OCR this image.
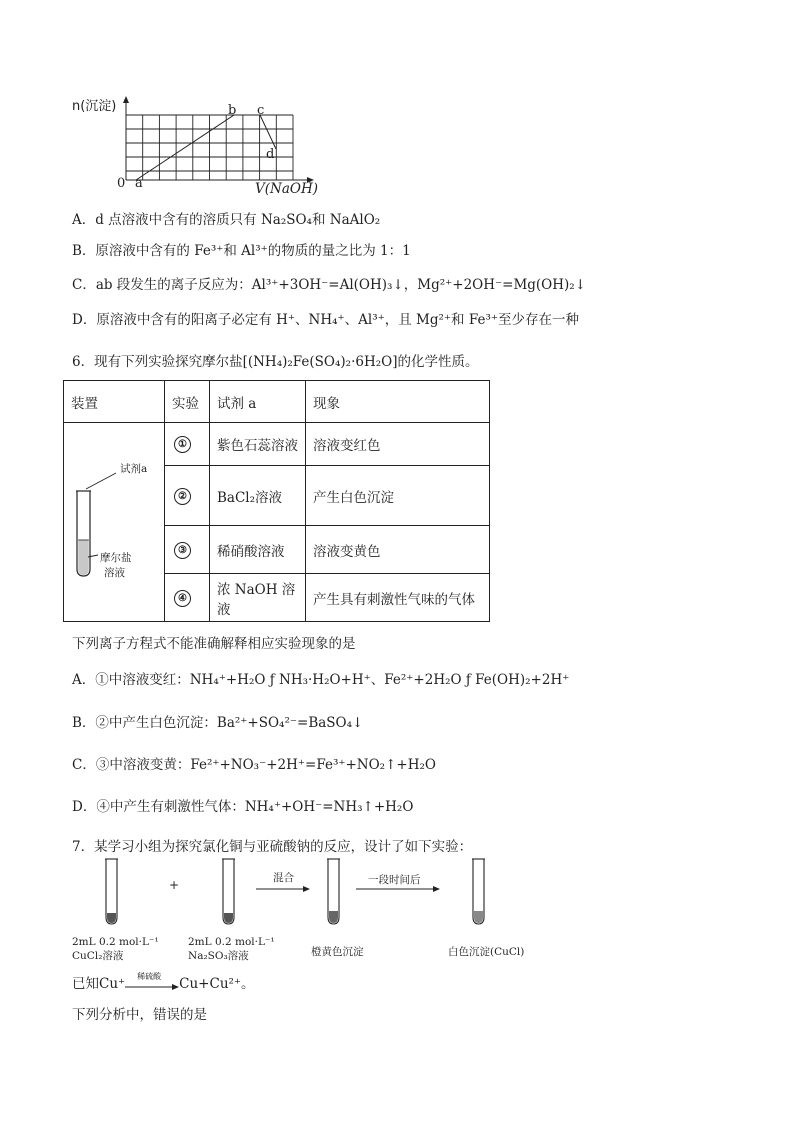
n(沉淀)
0 a
b c
d
V(NaOH)
A．d 点溶液中含有的溶质只有 Na₂SO₄和 NaAlO₂
B．原溶液中含有的 Fe³⁺和 Al³⁺的物质的量之比为 1：1
C．ab 段发生的离子反应为：Al³⁺+3OH⁻=Al(OH)₃↓，Mg²⁺+2OH⁻=Mg(OH)₂↓
D．原溶液中含有的阳离子必定有 H⁺、NH₄⁺、Al³⁺，且 Mg²⁺和 Fe³⁺至少存在一种
6．现有下列实验探究摩尔盐[(NH₄)₂Fe(SO₄)₂·6H₂O]的化学性质。
装置	实验	试剂 a	现象

试剂a
摩尔盐
溶液	①	紫色石蕊溶液	溶液变红色
	②	BaCl₂溶液	产生白色沉淀
	③	稀硝酸溶液	溶液变黄色
	④	浓 NaOH 溶液	产生具有刺激性气味的气体
下列离子方程式不能准确解释相应实验现象的是
A．①中溶液变红：NH₄⁺+H₂O ƒ NH₃·H₂O+H⁺、Fe²⁺+2H₂O ƒ Fe(OH)₂+2H⁺
B．②中产生白色沉淀：Ba²⁺+SO₄²⁻=BaSO₄↓
C．③中溶液变黄：Fe²⁺+NO₃⁻+2H⁺=Fe³⁺+NO₂↑+H₂O
D．④中产生有刺激性气体：NH₄⁺+OH⁻=NH₃↑+H₂O
7．某学习小组为探究氯化铜与亚硫酸钠的反应，设计了如下实验：
+	混合	一段时间后
2mL 0.2 mol·L⁻¹
CuCl₂溶液
2mL 0.2 mol·L⁻¹
Na₂SO₃溶液	橙黄色沉淀	白色沉淀(CuCl)
已知Cu⁺ 稀硫酸 Cu+Cu²⁺。
下列分析中，错误的是
